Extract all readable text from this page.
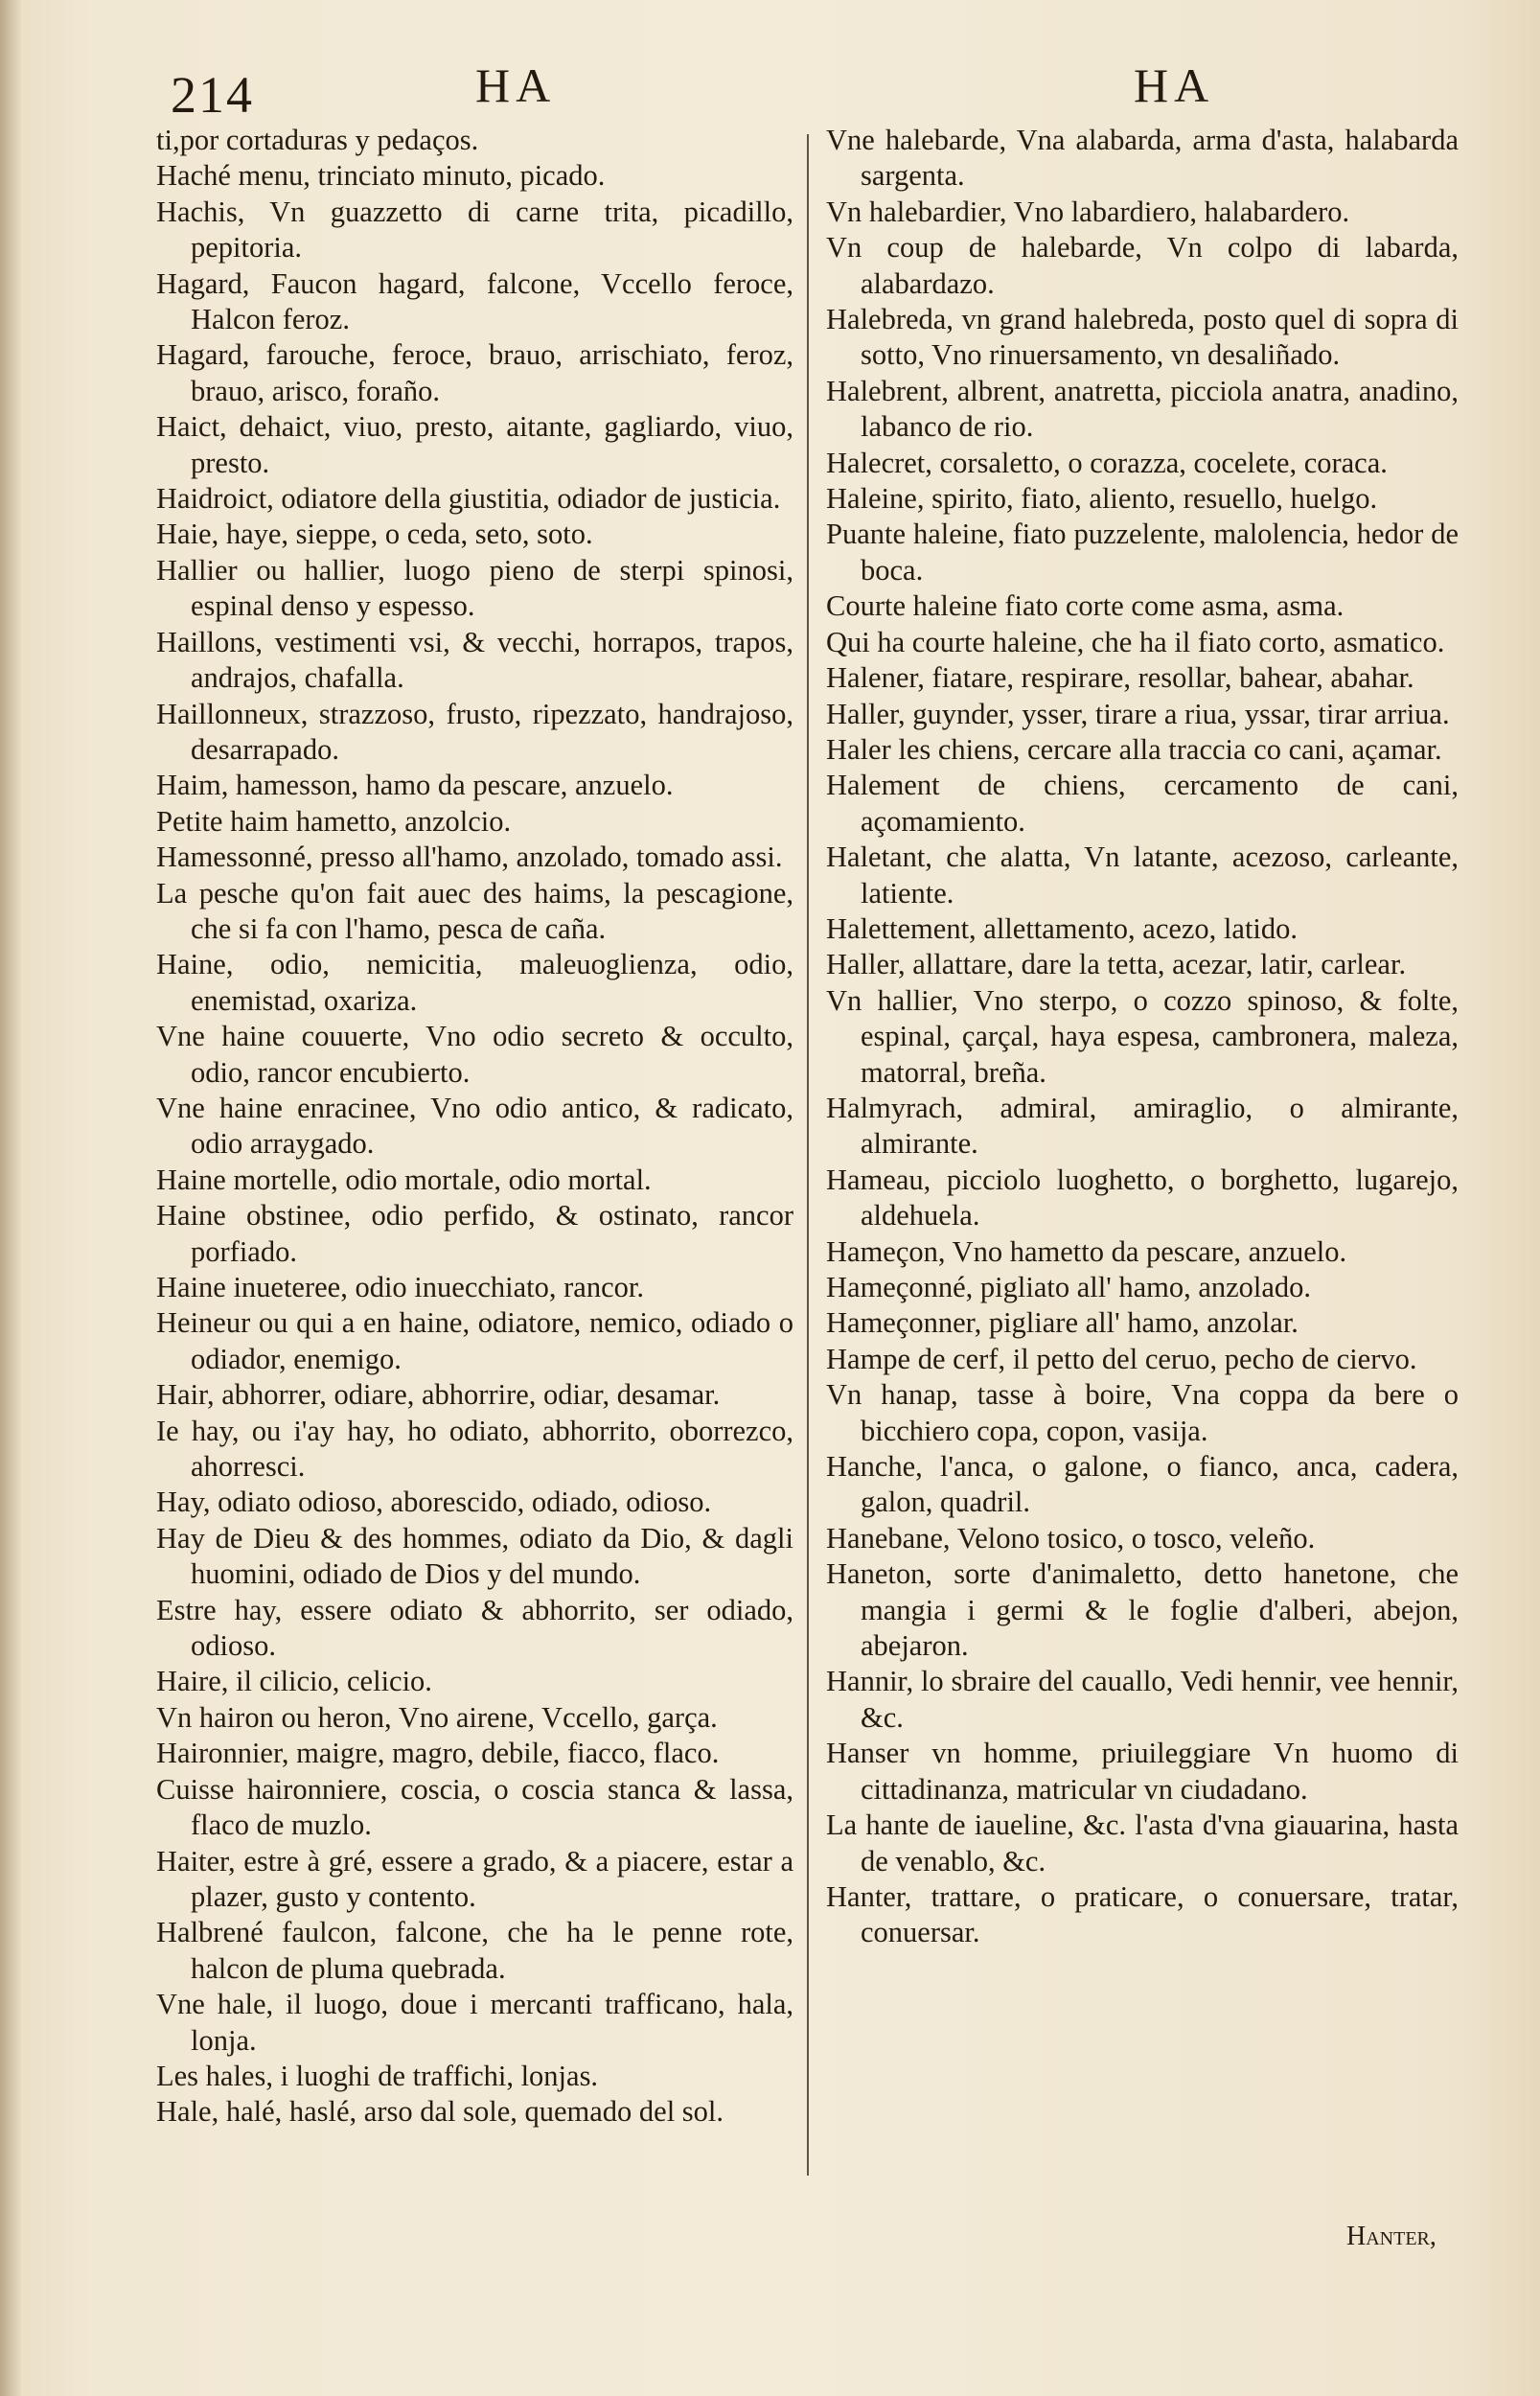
214	HA	HA

ti,por cortaduras y pedaços.

Haché menu, trinciato minuto, picado.

Hachis, Vn guazzetto di carne trita, picadillo, pepitoria.

Hagard, Faucon hagard, falcone, Vccello feroce, Halcon feroz.

Hagard, farouche, feroce, brauo, arrischiato, feroz, brauo, arisco, foraño.

Haict, dehaict, viuo, presto, aitante, gagliardo, viuo, presto.

Haidroict, odiatore della giustitia, odiador de justicia.

Haie, haye, sieppe, o ceda, seto, soto.

Hallier ou hallier, luogo pieno de sterpi spinosi, espinal denso y espesso.

Haillons, vestimenti vsi, & vecchi, horrapos, trapos, andrajos, chafalla.

Haillonneux, strazzoso, frusto, ripezzato, handrajoso, desarrapado.

Haim, hamesson, hamo da pescare, anzuelo.

Petite haim hametto, anzolcio.

Hamessonné, presso all'hamo, anzolado, tomado assi.

La pesche qu'on fait auec des haims, la pescagione, che si fa con l'hamo, pesca de caña.

Haine, odio, nemicitia, maleuoglienza, odio, enemistad, oxariza.

Vne haine couuerte, Vno odio secreto & occulto, odio, rancor encubierto.

Vne haine enracinee, Vno odio antico, & radicato, odio arraygado.

Haine mortelle, odio mortale, odio mortal.

Haine obstinee, odio perfido, & ostinato, rancor porfiado.

Haine inueteree, odio inuecchiato, rancor.

Heineur ou qui a en haine, odiatore, nemico, odiado o odiador, enemigo.

Hair, abhorrer, odiare, abhorrire, odiar, desamar.

Ie hay, ou i'ay hay, ho odiato, abhorrito, oborrezco, ahorresci.

Hay, odiato odioso, aborescido, odiado, odioso.

Hay de Dieu & des hommes, odiato da Dio, & dagli huomini, odiado de Dios y del mundo.

Estre hay, essere odiato & abhorrito, ser odiado, odioso.

Haire, il cilicio, celicio.

Vn hairon ou heron, Vno airene, Vccello, garça.

Haironnier, maigre, magro, debile, fiacco, flaco.

Cuisse haironniere, coscia, o coscia stanca & lassa, flaco de muzlo.

Haiter, estre à gré, essere a grado, & a piacere, estar a plazer, gusto y contento.

Halbrené faulcon, falcone, che ha le penne rote, halcon de pluma quebrada.

Vne hale, il luogo, doue i mercanti trafficano, hala, lonja.

Les hales, i luoghi de traffichi, lonjas.

Hale, halé, haslé, arso dal sole, quemado del sol.

Vne halebarde, Vna alabarda, arma d'asta, halabarda sargenta.

Vn halebardier, Vno labardiero, halabardero.

Vn coup de halebarde, Vn colpo di labarda, alabardazo.

Halebreda, vn grand halebreda, posto quel di sopra di sotto, Vno rinuersamento, vn desaliñado.

Halebrent, albrent, anatretta, picciola anatra, anadino, labanco de rio.

Halecret, corsaletto, o corazza, cocelete, coraca.

Haleine, spirito, fiato, aliento, resuello, huelgo.

Puante haleine, fiato puzzelente, malolencia, hedor de boca.

Courte haleine fiato corte come asma, asma.

Qui ha courte haleine, che ha il fiato corto, asmatico.

Halener, fiatare, respirare, resollar, bahear, abahar.

Haller, guynder, ysser, tirare a riua, yssar, tirar arriua.

Haler les chiens, cercare alla traccia co cani, açamar.

Halement de chiens, cercamento de cani, açomamiento.

Haletant, che alatta, Vn latante, acezoso, carleante, latiente.

Halettement, allettamento, acezo, latido.

Haller, allattare, dare la tetta, acezar, latir, carlear.

Vn hallier, Vno sterpo, o cozzo spinoso, & folte, espinal, çarçal, haya espesa, cambronera, maleza, matorral, breña.

Halmyrach, admiral, amiraglio, o almirante, almirante.

Hameau, picciolo luoghetto, o borghetto, lugarejo, aldehuela.

Hameçon, Vno hametto da pescare, anzuelo.

Hameçonné, pigliato all' hamo, anzolado.

Hameçonner, pigliare all' hamo, anzolar.

Hampe de cerf, il petto del ceruo, pecho de ciervo.

Vn hanap, tasse à boire, Vna coppa da bere o bicchiero copa, copon, vasija.

Hanche, l'anca, o galone, o fianco, anca, cadera, galon, quadril.

Hanebane, Velono tosico, o tosco, veleño.

Haneton, sorte d'animaletto, detto hanetone, che mangia i germi & le foglie d'alberi, abejon, abejaron.

Hannir, lo sbraire del cauallo, Vedi hennir, vee hennir, &c.

Hanser vn homme, priuileggiare Vn huomo di cittadinanza, matricular vn ciudadano.

La hante de iaueline, &c. l'asta d'vna giauarina, hasta de venablo, &c.

Hanter, trattare, o praticare, o conuersare, tratar, conuersar.

Hanter,
